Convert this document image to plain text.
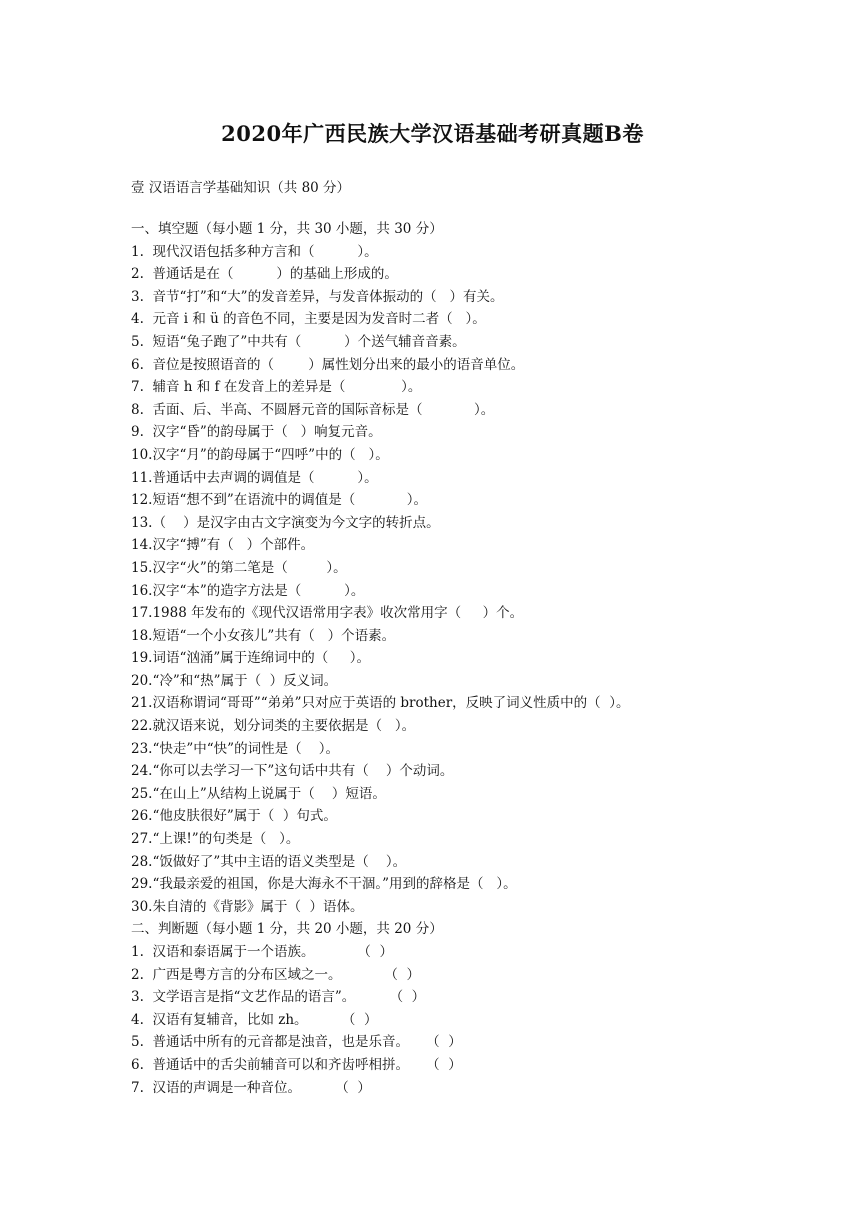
2020年广西民族大学汉语基础考研真题B卷

壹 汉语语言学基础知识（共 80 分）

一、填空题（每小题 1 分，共 30 小题，共 30 分）
1.  现代汉语包括多种方言和（          ）。
2.  普通话是在（          ）的基础上形成的。
3.  音节“打”和“大”的发音差异，与发音体振动的（   ）有关。
4.  元音 i 和 ü 的音色不同，主要是因为发音时二者（   ）。
5.  短语“兔子跑了”中共有（          ）个送气辅音音素。
6.  音位是按照语音的（        ）属性划分出来的最小的语音单位。
7.  辅音 h 和 f 在发音上的差异是（             ）。
8.  舌面、后、半高、不圆唇元音的国际音标是（            ）。
9.  汉字“昏”的韵母属于（   ）响复元音。
10.汉字“月”的韵母属于“四呼”中的（   ）。
11.普通话中去声调的调值是（          ）。
12.短语“想不到”在语流中的调值是（            ）。
13.（    ）是汉字由古文字演变为今文字的转折点。
14.汉字“搏”有（   ）个部件。
15.汉字“火”的第二笔是（         ）。
16.汉字“本”的造字方法是（          ）。
17.1988 年发布的《现代汉语常用字表》收次常用字（     ）个。
18.短语“一个小女孩儿”共有（   ）个语素。
19.词语“汹涌”属于连绵词中的（     ）。
20.“冷”和“热”属于（  ）反义词。
21.汉语称谓词“哥哥”“弟弟”只对应于英语的 brother，反映了词义性质中的（  ）。
22.就汉语来说，划分词类的主要依据是（   ）。
23.“快走”中“快”的词性是（    ）。
24.“你可以去学习一下”这句话中共有（    ）个动词。
25.“在山上”从结构上说属于（    ）短语。
26.“他皮肤很好”属于（  ）句式。
27.“上课!”的句类是（   ）。
28.“饭做好了”其中主语的语义类型是（    ）。
29.“我最亲爱的祖国，你是大海永不干涸。”用到的辞格是（   ）。
30.朱自清的《背影》属于（  ）语体。
二、判断题（每小题 1 分，共 20 小题，共 20 分）
1.  汉语和泰语属于一个语族。          （  ）
2.  广西是粤方言的分布区域之一。          （  ）
3.  文学语言是指“文艺作品的语言”。        （  ）
4.  汉语有复辅音，比如 zh。        （  ）
5.  普通话中所有的元音都是浊音，也是乐音。    （  ）
6.  普通话中的舌尖前辅音可以和齐齿呼相拼。    （  ）
7.  汉语的声调是一种音位。        （  ）
